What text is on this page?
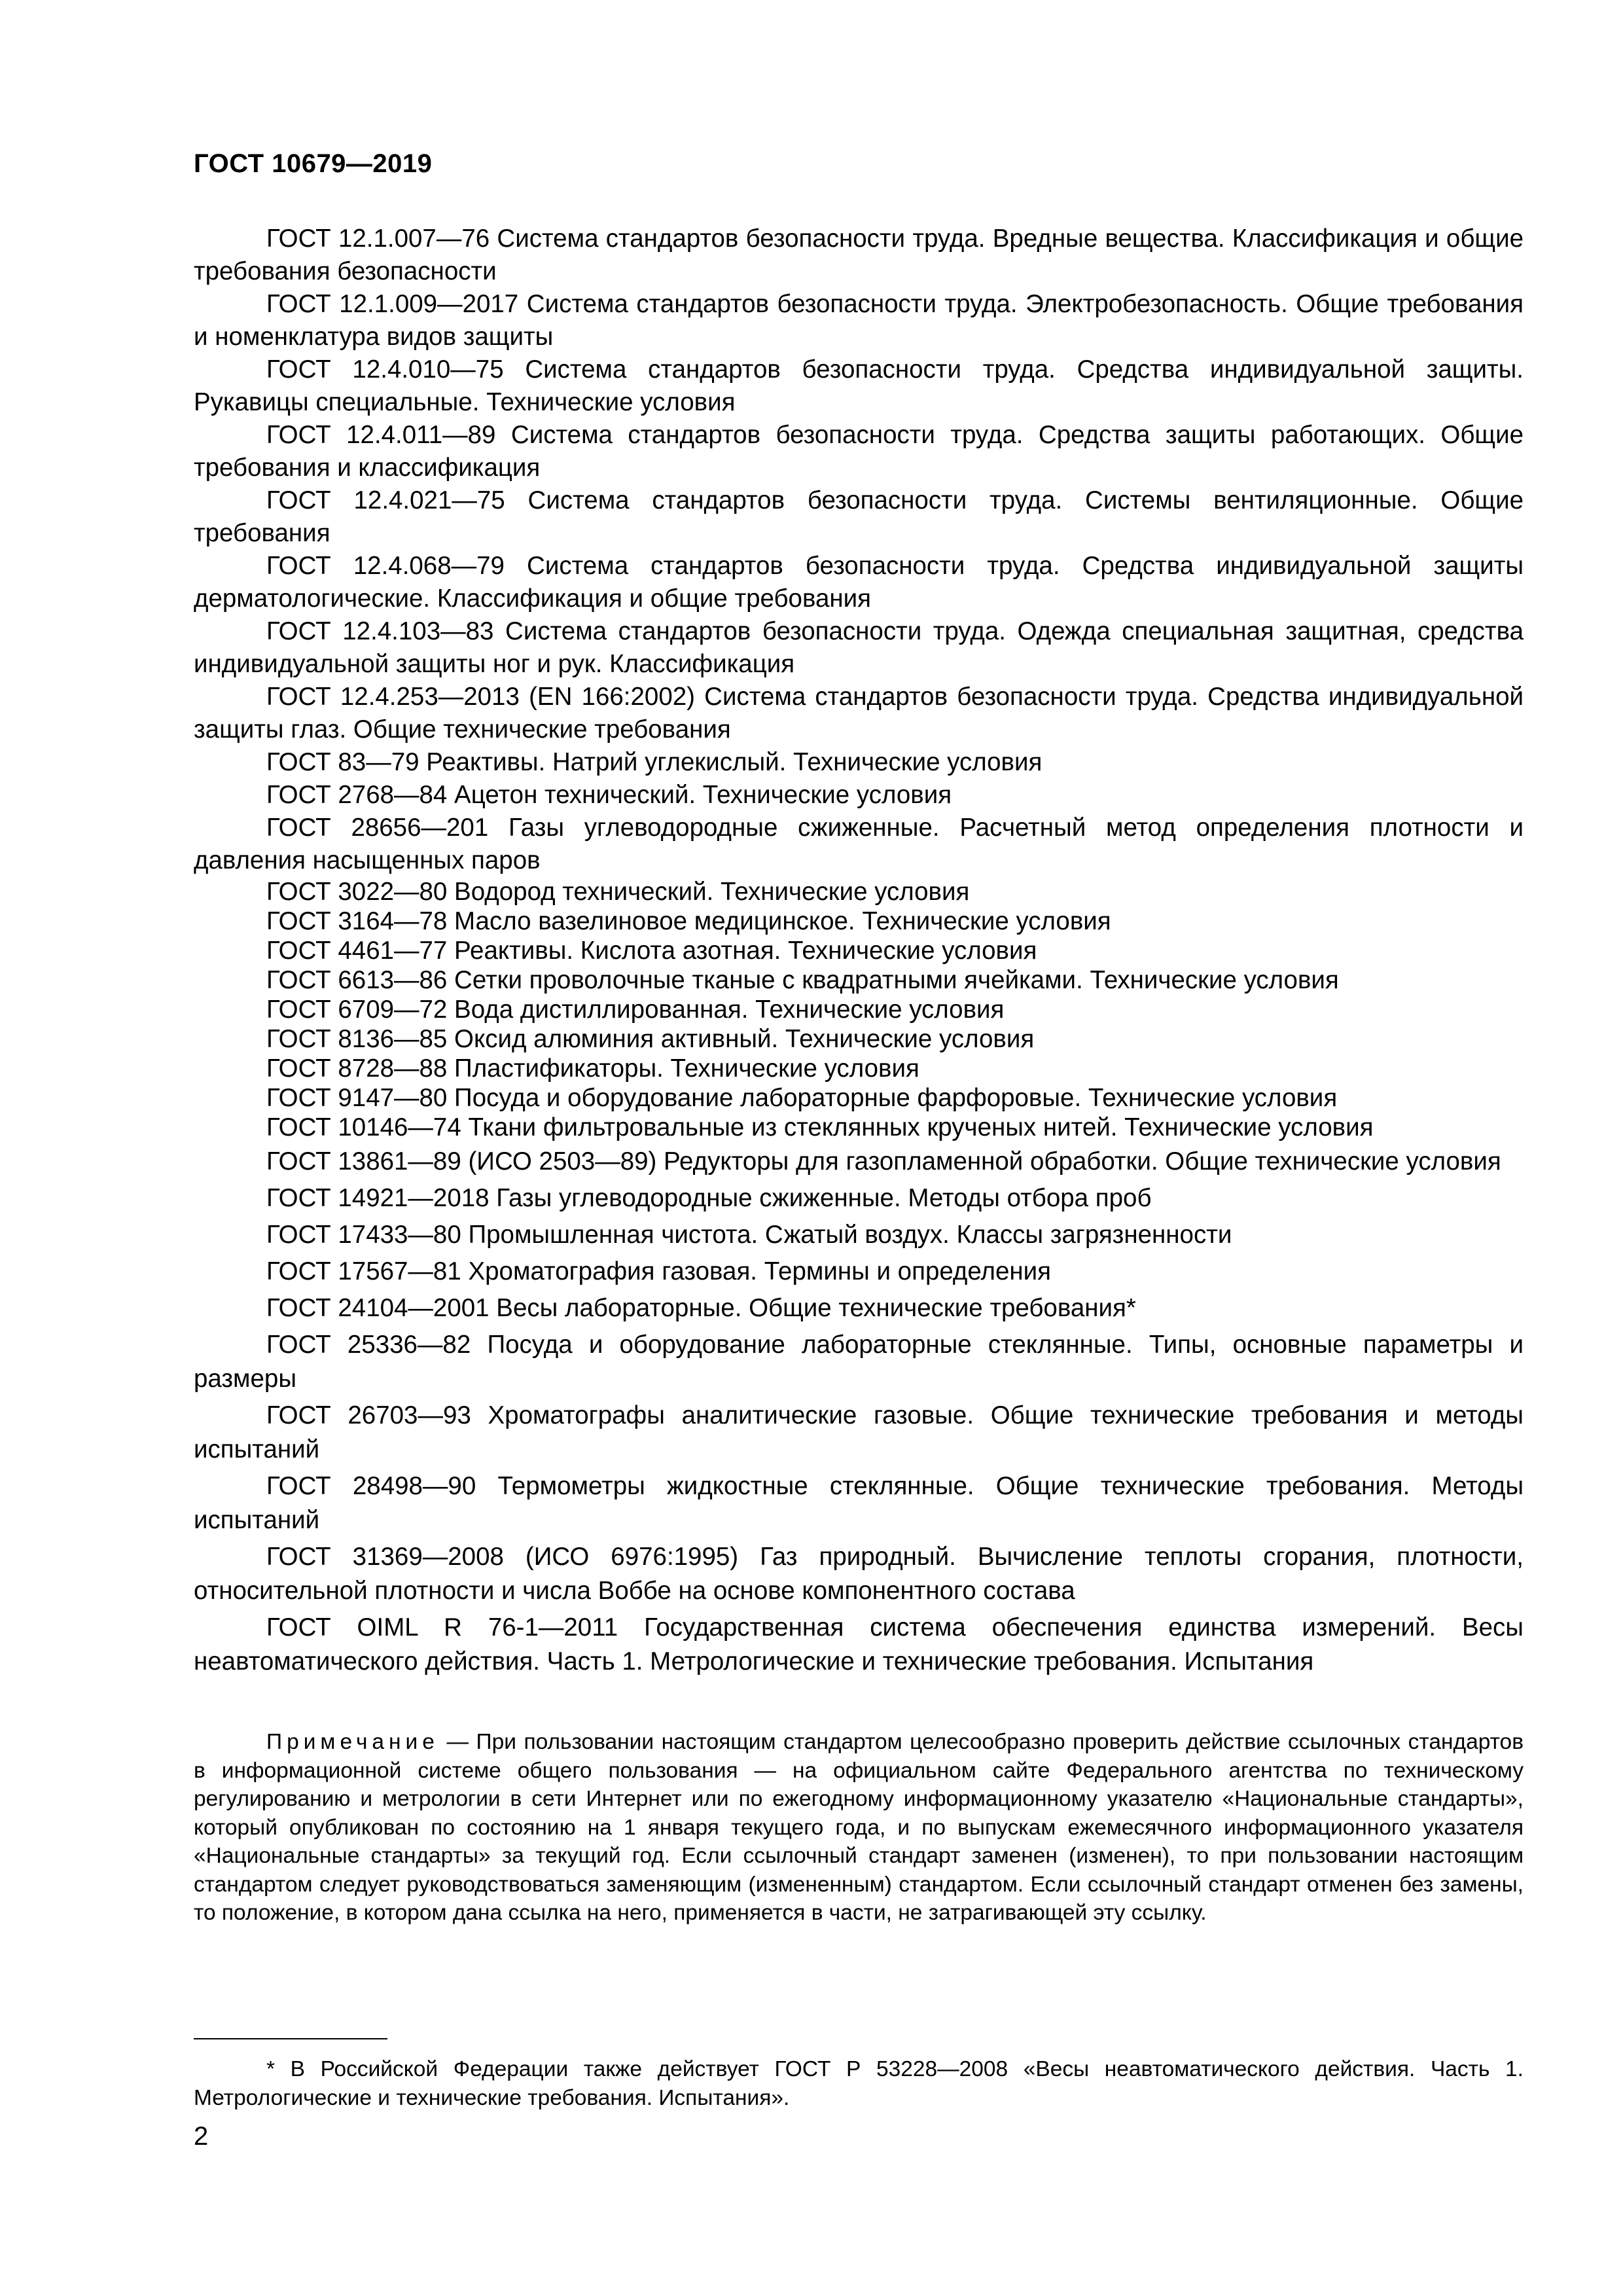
ГОСТ 10679—2019

ГОСТ 12.1.007—76 Система стандартов безопасности труда. Вредные вещества. Классификация и общие требования безопасности

ГОСТ 12.1.009—2017 Система стандартов безопасности труда. Электробезопасность. Общие требования и номенклатура видов защиты

ГОСТ 12.4.010—75 Система стандартов безопасности труда. Средства индивидуальной защиты. Рукавицы специальные. Технические условия

ГОСТ 12.4.011—89 Система стандартов безопасности труда. Средства защиты работающих. Общие требования и классификация

ГОСТ 12.4.021—75 Система стандартов безопасности труда. Системы вентиляционные. Общие требования

ГОСТ 12.4.068—79 Система стандартов безопасности труда. Средства индивидуальной защиты дерматологические. Классификация и общие требования

ГОСТ 12.4.103—83 Система стандартов безопасности труда. Одежда специальная защитная, средства индивидуальной защиты ног и рук. Классификация

ГОСТ 12.4.253—2013 (EN 166:2002) Система стандартов безопасности труда. Средства индивидуальной защиты глаз. Общие технические требования

ГОСТ 83—79 Реактивы. Натрий углекислый. Технические условия

ГОСТ 2768—84 Ацетон технический. Технические условия

ГОСТ 28656—201 Газы углеводородные сжиженные. Расчетный метод определения плотности и давления насыщенных паров

ГОСТ 3022—80 Водород технический. Технические условия

ГОСТ 3164—78 Масло вазелиновое медицинское. Технические условия

ГОСТ 4461—77 Реактивы. Кислота азотная. Технические условия

ГОСТ 6613—86 Сетки проволочные тканые с квадратными ячейками. Технические условия

ГОСТ 6709—72 Вода дистиллированная. Технические условия

ГОСТ 8136—85 Оксид алюминия активный. Технические условия

ГОСТ 8728—88 Пластификаторы. Технические условия

ГОСТ 9147—80 Посуда и оборудование лабораторные фарфоровые. Технические условия

ГОСТ 10146—74 Ткани фильтровальные из стеклянных крученых нитей. Технические условия

ГОСТ 13861—89 (ИСО 2503—89) Редукторы для газопламенной обработки. Общие технические условия

ГОСТ 14921—2018 Газы углеводородные сжиженные. Методы отбора проб

ГОСТ 17433—80 Промышленная чистота. Сжатый воздух. Классы загрязненности

ГОСТ 17567—81 Хроматография газовая. Термины и определения

ГОСТ 24104—2001 Весы лабораторные. Общие технические требования*

ГОСТ 25336—82 Посуда и оборудование лабораторные стеклянные. Типы, основные параметры и размеры

ГОСТ 26703—93 Хроматографы аналитические газовые. Общие технические требования и методы испытаний

ГОСТ 28498—90 Термометры жидкостные стеклянные. Общие технические требования. Методы испытаний

ГОСТ 31369—2008 (ИСО 6976:1995) Газ природный. Вычисление теплоты сгорания, плотности, относительной плотности и числа Воббе на основе компонентного состава

ГОСТ OIML R 76-1—2011 Государственная система обеспечения единства измерений. Весы неавтоматического действия. Часть 1. Метрологические и технические требования. Испытания

Примечание — При пользовании настоящим стандартом целесообразно проверить действие ссылочных стандартов в информационной системе общего пользования — на официальном сайте Федерального агентства по техническому регулированию и метрологии в сети Интернет или по ежегодному информационному указателю «Национальные стандарты», который опубликован по состоянию на 1 января текущего года, и по выпускам ежемесячного информационного указателя «Национальные стандарты» за текущий год. Если ссылочный стандарт заменен (изменен), то при пользовании настоящим стандартом следует руководствоваться заменяющим (измененным) стандартом. Если ссылочный стандарт отменен без замены, то положение, в котором дана ссылка на него, применяется в части, не затрагивающей эту ссылку.
* В Российской Федерации также действует ГОСТ Р 53228—2008 «Весы неавтоматического действия. Часть 1. Метрологические и технические требования. Испытания».
2
